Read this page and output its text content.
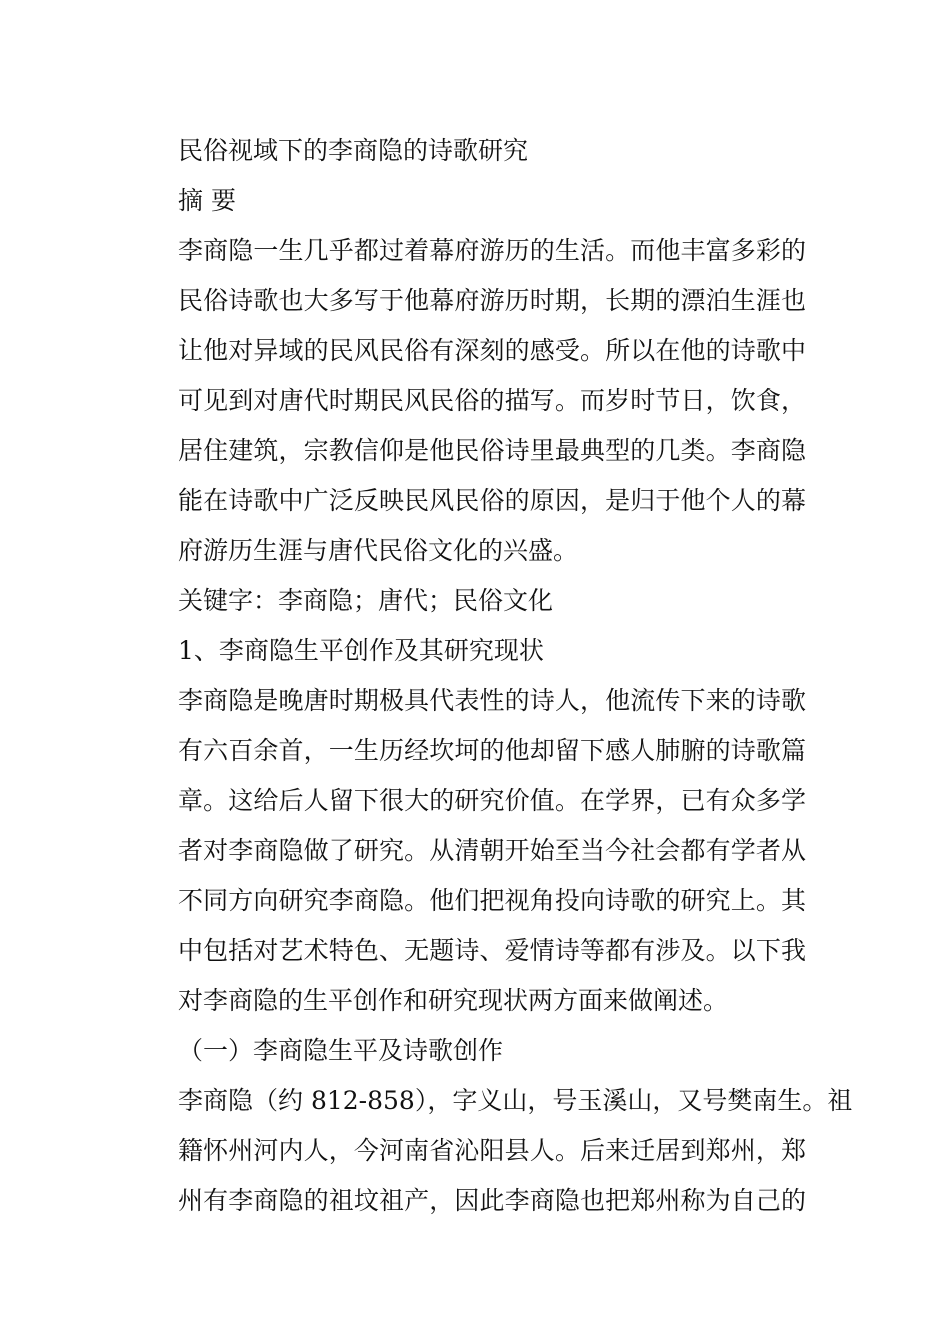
民俗视域下的李商隐的诗歌研究
摘 要
李商隐一生几乎都过着幕府游历的生活。而他丰富多彩的
民俗诗歌也大多写于他幕府游历时期，长期的漂泊生涯也
让他对异域的民风民俗有深刻的感受。所以在他的诗歌中
可见到对唐代时期民风民俗的描写。而岁时节日，饮食，
居住建筑，宗教信仰是他民俗诗里最典型的几类。李商隐
能在诗歌中广泛反映民风民俗的原因，是归于他个人的幕
府游历生涯与唐代民俗文化的兴盛。
关键字：李商隐；唐代；民俗文化
1、李商隐生平创作及其研究现状
李商隐是晚唐时期极具代表性的诗人，他流传下来的诗歌
有六百余首，一生历经坎坷的他却留下感人肺腑的诗歌篇
章。这给后人留下很大的研究价值。在学界，已有众多学
者对李商隐做了研究。从清朝开始至当今社会都有学者从
不同方向研究李商隐。他们把视角投向诗歌的研究上。其
中包括对艺术特色、无题诗、爱情诗等都有涉及。以下我
对李商隐的生平创作和研究现状两方面来做阐述。
（一）李商隐生平及诗歌创作
李商隐（约 812-858），字义山，号玉溪山，又号樊南生。祖
籍怀州河内人，今河南省沁阳县人。后来迁居到郑州，郑
州有李商隐的祖坟祖产，因此李商隐也把郑州称为自己的
